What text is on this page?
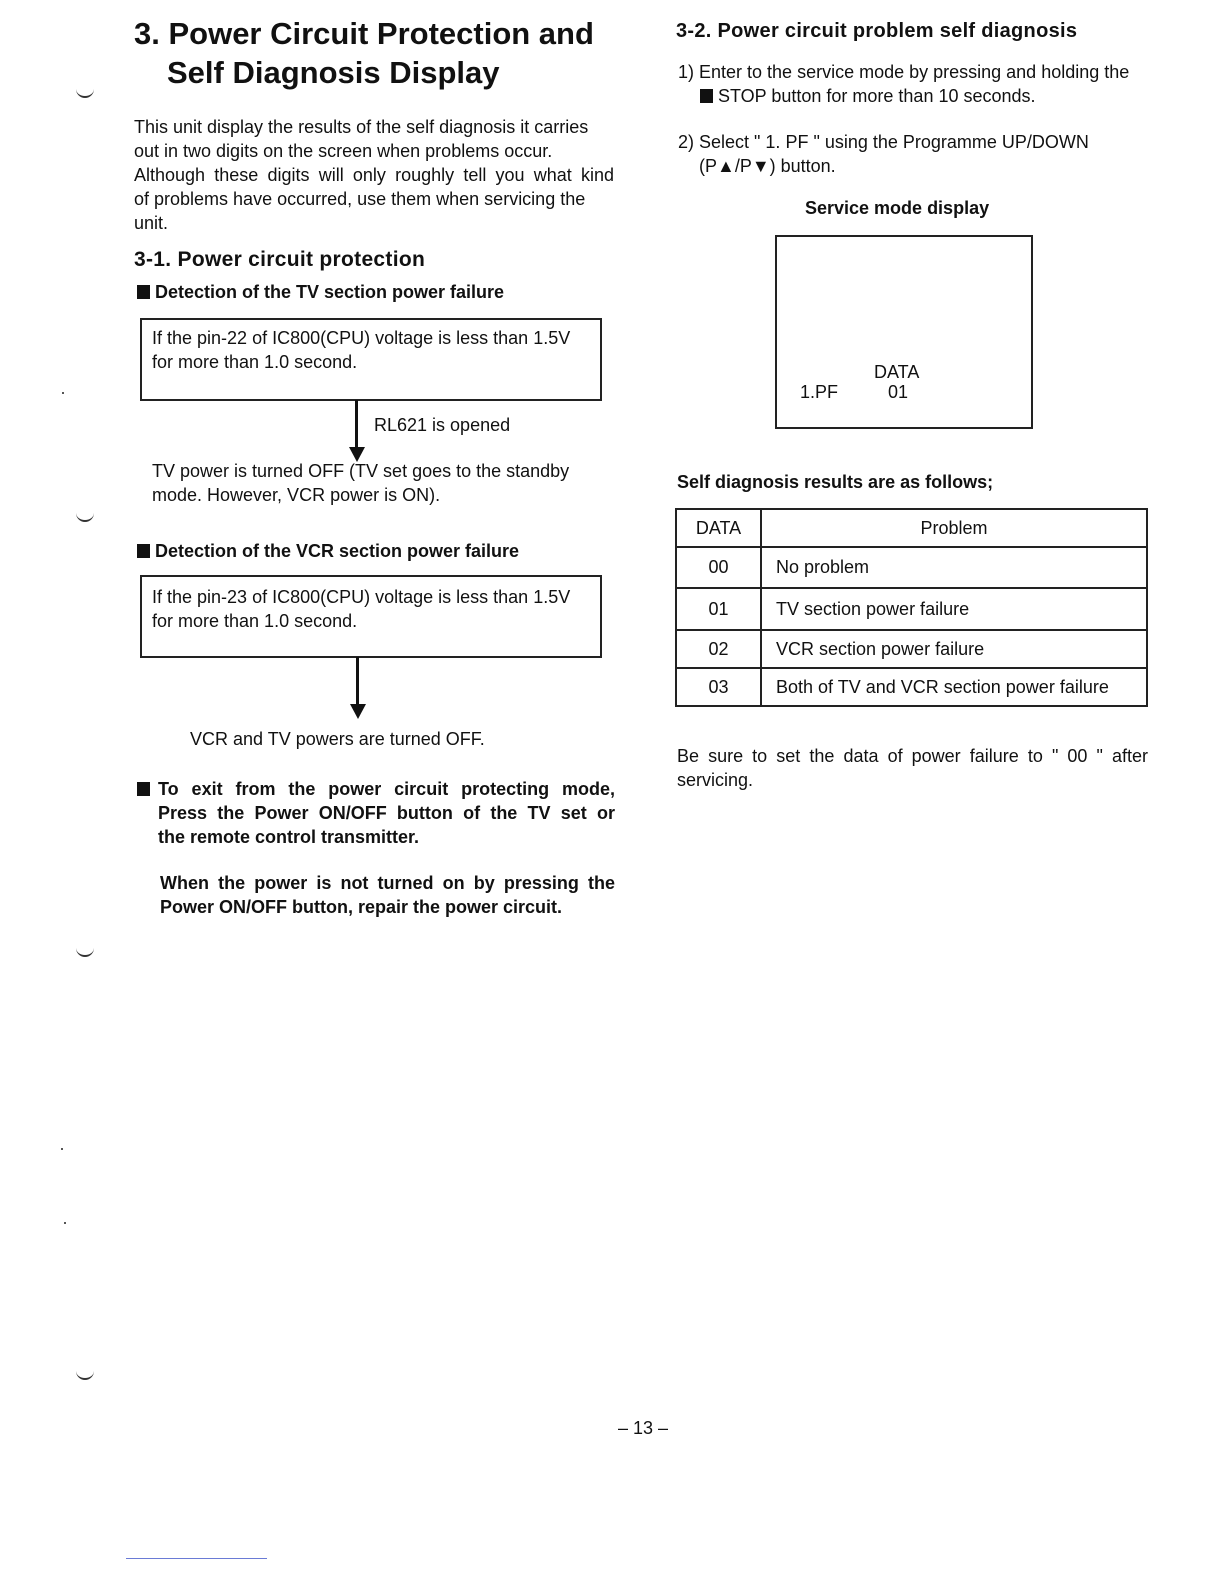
3. Power Circuit Protection and
Self Diagnosis Display
This unit display the results of the self diagnosis it carries
out in two digits on the screen when problems occur.
Although these digits will only roughly tell you what kind
of problems have occurred, use them when servicing the
unit.
3-1. Power circuit protection
Detection of the TV section power failure
If the pin-22 of IC800(CPU) voltage is less than 1.5V
for more than 1.0 second.
RL621 is opened
TV power is turned OFF (TV set goes to the standby
mode. However, VCR power is ON).
Detection of the VCR section power failure
If the pin-23 of IC800(CPU) voltage is less than 1.5V
for more than 1.0 second.
VCR and TV powers are turned OFF.
To exit from the power circuit protecting mode,
Press the Power ON/OFF button of the TV set or
the remote control transmitter.
When the power is not turned on by pressing the
Power ON/OFF button, repair the power circuit.
3-2. Power circuit problem self diagnosis
1) Enter to the service mode by pressing and holding the
STOP button for more than 10 seconds.
2) Select " 1. PF " using the Programme UP/DOWN
(P▲/P▼) button.
Service mode display
DATA
1.PF	01
Self diagnosis results are as follows;
DATA	Problem
00	No problem
01	TV section power failure
02	VCR section power failure
03	Both of TV and VCR section power failure
Be sure to set the data of power failure to " 00 " after
servicing.
– 13 –
